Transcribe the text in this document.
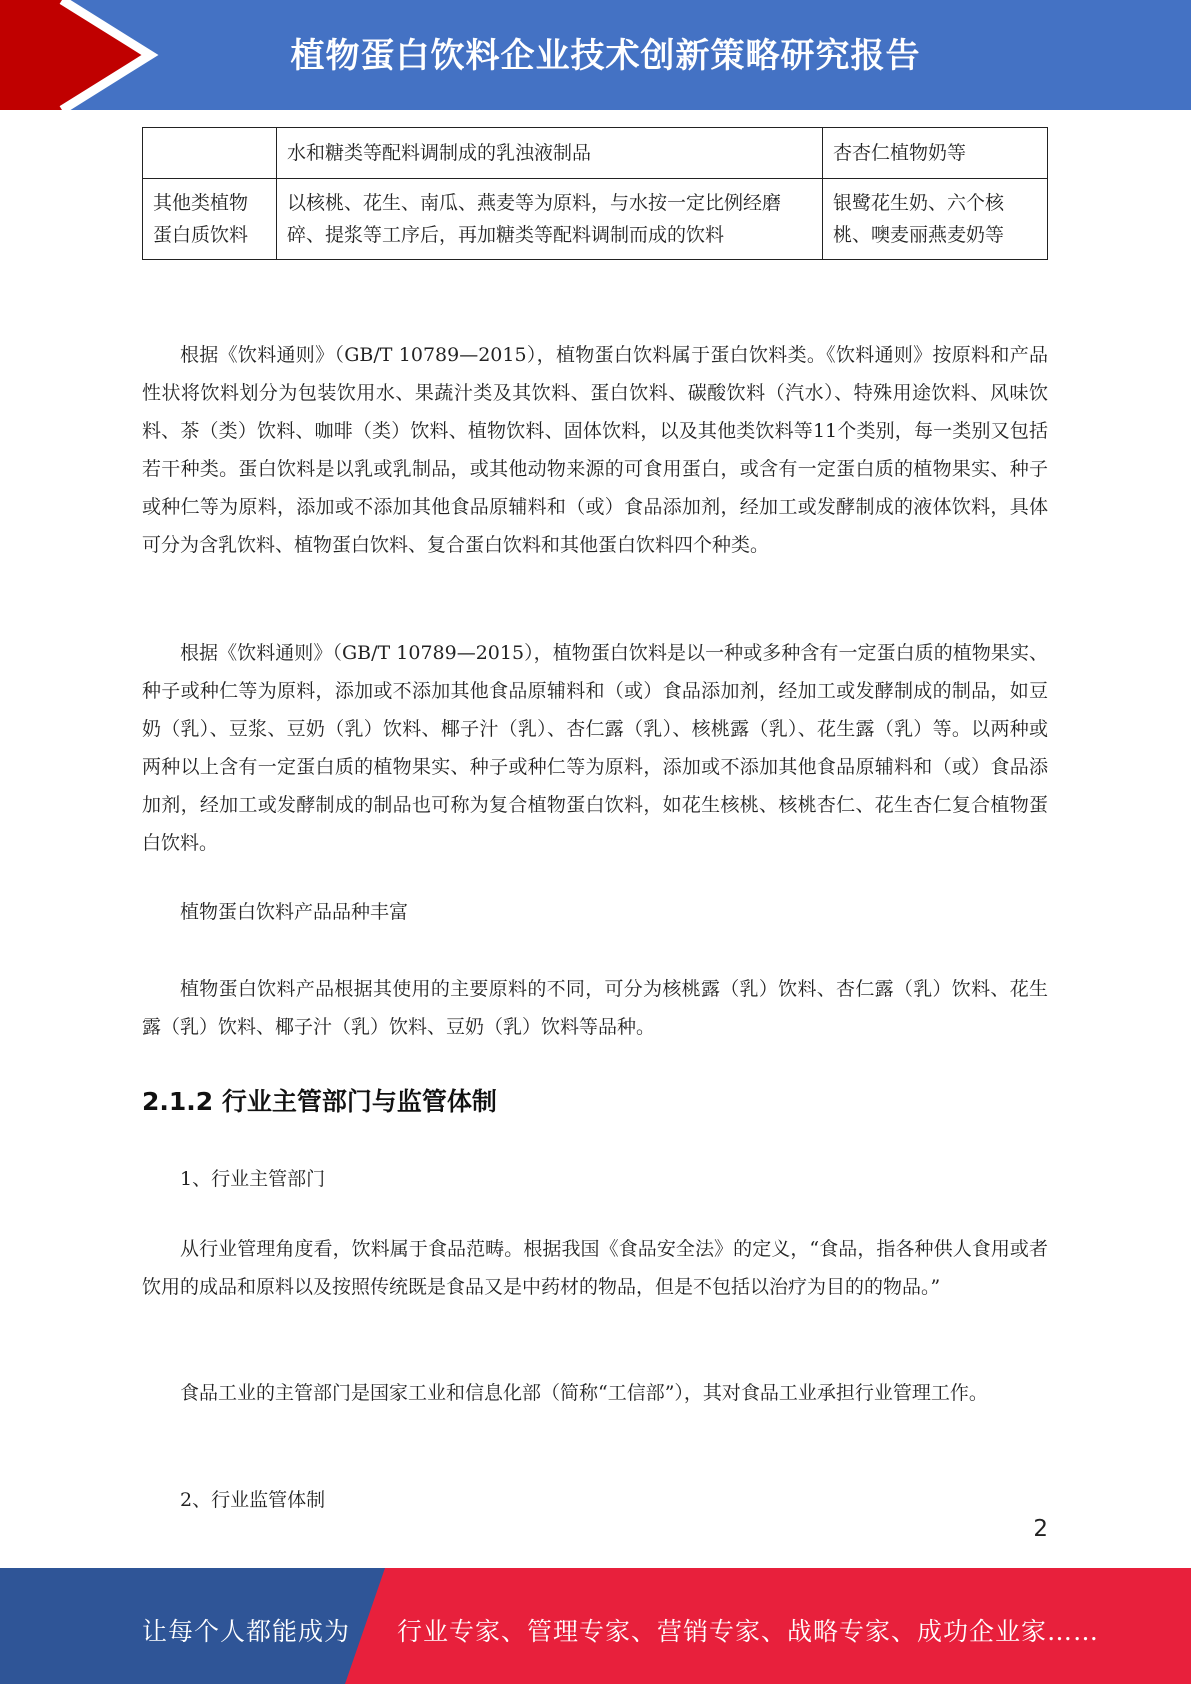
植物蛋白饮料企业技术创新策略研究报告
	水和糖类等配料调制成的乳浊液制品	杏杏仁植物奶等
其他类植物蛋白质饮料	以核桃、花生、南瓜、燕麦等为原料，与水按一定比例经磨碎、提浆等工序后，再加糖类等配料调制而成的饮料	银鹭花生奶、六个核桃、噢麦丽燕麦奶等

根据《饮料通则》（GB/T 10789—2015），植物蛋白饮料属于蛋白饮料类。《饮料通则》按原料和产品性状将饮料划分为包装饮用水、果蔬汁类及其饮料、蛋白饮料、碳酸饮料（汽水）、特殊用途饮料、风味饮料、茶（类）饮料、咖啡（类）饮料、植物饮料、固体饮料，以及其他类饮料等11个类别，每一类别又包括若干种类。蛋白饮料是以乳或乳制品，或其他动物来源的可食用蛋白，或含有一定蛋白质的植物果实、种子或种仁等为原料，添加或不添加其他食品原辅料和（或）食品添加剂，经加工或发酵制成的液体饮料，具体可分为含乳饮料、植物蛋白饮料、复合蛋白饮料和其他蛋白饮料四个种类。

根据《饮料通则》（GB/T 10789—2015），植物蛋白饮料是以一种或多种含有一定蛋白质的植物果实、种子或种仁等为原料，添加或不添加其他食品原辅料和（或）食品添加剂，经加工或发酵制成的制品，如豆奶（乳）、豆浆、豆奶（乳）饮料、椰子汁（乳）、杏仁露（乳）、核桃露（乳）、花生露（乳）等。以两种或两种以上含有一定蛋白质的植物果实、种子或种仁等为原料，添加或不添加其他食品原辅料和（或）食品添加剂，经加工或发酵制成的制品也可称为复合植物蛋白饮料，如花生核桃、核桃杏仁、花生杏仁复合植物蛋白饮料。

植物蛋白饮料产品品种丰富

植物蛋白饮料产品根据其使用的主要原料的不同，可分为核桃露（乳）饮料、杏仁露（乳）饮料、花生露（乳）饮料、椰子汁（乳）饮料、豆奶（乳）饮料等品种。

2.1.2 行业主管部门与监管体制

1、行业主管部门

从行业管理角度看，饮料属于食品范畴。根据我国《食品安全法》的定义，“食品，指各种供人食用或者饮用的成品和原料以及按照传统既是食品又是中药材的物品，但是不包括以治疗为目的的物品。”

食品工业的主管部门是国家工业和信息化部（简称“工信部”），其对食品工业承担行业管理工作。

2、行业监管体制

2
让每个人都能成为 行业专家、管理专家、营销专家、战略专家、成功企业家……
